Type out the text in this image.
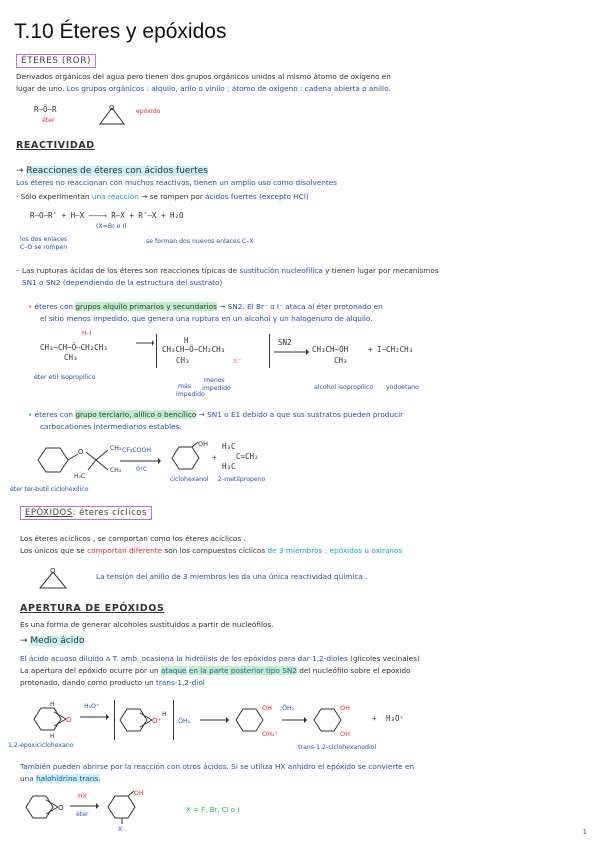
T.10 Éteres y epóxidos
ÉTERES (ROR)
Derivados orgánicos del agua pero tienen dos grupos orgánicos unidos al mismo átomo de oxígeno en
lugar de uno. Los grupos orgánicos : alquilo, arilo o vinilo ; átomo de oxígeno : cadena abierta o anillo.
R–Ö–R
éter
O	epóxido
REACTIVIDAD
→ Reacciones de éteres con ácidos fuertes
Los éteres no reaccionan con muchos reactivos, tienen un amplio uso como disolventes
· Sólo experimentan una reacción → se rompen por ácidos fuertes (excepto HCl)
R–O–R' + H–X ———→ R–X + R'–X + H₂O
(X=Br o I)
los dos enlaces
C–O se rompen
se forman dos nuevos enlaces C–X
– Las rupturas ácidas de los éteres son reacciones típicas de sustitución nucleofílica y tienen lugar por mecanismos
SN1 o SN2 (dependiendo de la estructura del sustrato)
• éteres con grupos alquilo primarios y secundarios → SN2. El Br⁻ o I⁻ ataca al éter protonado en
el sitio menos impedido, que genera una ruptura en un alcohol y un halogenuro de alquilo.
H–I
CH₃–CH–Ö–CH₂CH₃
CH₃
H
CH₃CH–Ö–CH₂CH₃
CH₃	:I:⁻
SN2
CH₃CH–OH
CH₃
+ I–CH₂CH₃
éter etil isopropílico
más
impedido
menos
impedido	alcohol isopropílico yodoetano
• éteres con grupo terciario, alílico o bencílico → SN1 o E1 debido a que sus sustratos pueden producir
carbocationes intermediarios estables.
O	CH₃
CH₃
H₃C
CF₃COOH
0°C
OH
+
H₃C
C=CH₂
H₃C
ciclohexanol 2-metilpropeno
éter ter-butil ciclohexílico
EPÓXIDOS: éteres cíclicos
Los éteres acíclicos , se comportan como los éteres acíclicos .
Los únicos que se comportan diferente son los compuestos cíclicos de 3 miembros : epóxidos u oxiranos
O
La tensión del anillo de 3 miembros les da una única reactividad química .
APERTURA DE EPÓXIDOS
Es una forma de generar alcoholes sustituidos a partir de nucleófilos.
→ Medio ácido
El ácido acuoso diluido a T. amb. ocasiona la hidrólisis de los epóxidos para dar 1,2-dioles (glicoles vecinales)
La apertura del epóxido ocurre por un ataque en la parte posterior tipo SN2 del nucleófilo sobre el epóxido
protonado, dando como producto un trans-1,2-diol
O
H
H
H₃O⁺
O⁺
H
:ÖH₂
OH
OH₂⁺
:ÖH₂	OH
OH
+ H₃O⁺
1,2-epoxiciclohexano	trans-1,2-ciclohexanodiol
También pueden abrirse por la reacción con otros ácidos. Si se utiliza HX anhidro el epóxido se convierte en
una halohidrina trans.
O
HX
éter
OH
X
X = F, Br, Cl o I
1
